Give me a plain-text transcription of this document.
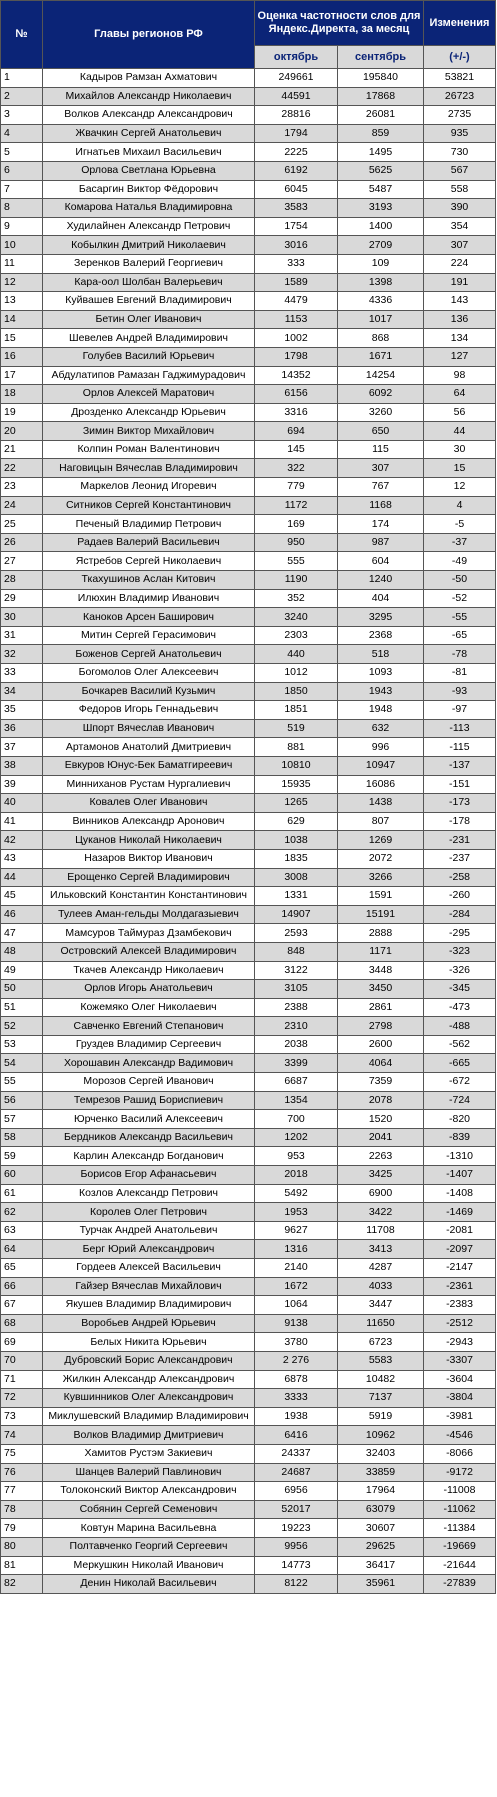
№	Главы регионов РФ	Оценка частотности слов для Яндекс.Директа, за месяц		Изменения
		октябрь	сентябрь	(+/-)
1	Кадыров Рамзан Ахматович	249661	195840	53821
2	Михайлов Александр Николаевич	44591	17868	26723
3	Волков Александр Александрович	28816	26081	2735
4	Жвачкин Сергей Анатольевич	1794	859	935
5	Игнатьев Михаил Васильевич	2225	1495	730
6	Орлова Светлана Юрьевна	6192	5625	567
7	Басаргин Виктор Фёдорович	6045	5487	558
8	Комарова Наталья Владимировна	3583	3193	390
9	Худилайнен Александр Петрович	1754	1400	354
10	Кобылкин Дмитрий Николаевич	3016	2709	307
11	Зеренков Валерий Георгиевич	333	109	224
12	Кара-оол Шолбан Валерьевич	1589	1398	191
13	Куйвашев Евгений Владимирович	4479	4336	143
14	Бетин Олег Иванович	1153	1017	136
15	Шевелев Андрей Владимирович	1002	868	134
16	Голубев Василий Юрьевич	1798	1671	127
17	Абдулатипов Рамазан Гаджимурадович	14352	14254	98
18	Орлов Алексей Маратович	6156	6092	64
19	Дрозденко Александр Юрьевич	3316	3260	56
20	Зимин Виктор Михайлович	694	650	44
21	Колпин Роман Валентинович	145	115	30
22	Наговицын Вячеслав Владимирович	322	307	15
23	Маркелов Леонид Игоревич	779	767	12
24	Ситников Сергей Константинович	1172	1168	4
25	Печеный Владимир Петрович	169	174	-5
26	Радаев Валерий Васильевич	950	987	-37
27	Ястребов Сергей Николаевич	555	604	-49
28	Ткахушинов Аслан Китович	1190	1240	-50
29	Илюхин Владимир Иванович	352	404	-52
30	Каноков Арсен Баширович	3240	3295	-55
31	Митин Сергей Герасимович	2303	2368	-65
32	Боженов Сергей Анатольевич	440	518	-78
33	Богомолов Олег Алексеевич	1012	1093	-81
34	Бочкарев Василий Кузьмич	1850	1943	-93
35	Федоров Игорь Геннадьевич	1851	1948	-97
36	Шпорт Вячеслав Иванович	519	632	-113
37	Артамонов Анатолий Дмитриевич	881	996	-115
38	Евкуров Юнус-Бек Баматгиреевич	10810	10947	-137
39	Минниханов Рустам Нургалиевич	15935	16086	-151
40	Ковалев Олег Иванович	1265	1438	-173
41	Винников Александр Аронович	629	807	-178
42	Цуканов Николай Николаевич	1038	1269	-231
43	Назаров Виктор Иванович	1835	2072	-237
44	Ерощенко Сергей Владимирович	3008	3266	-258
45	Ильковский Константин Константинович	1331	1591	-260
46	Тулеев Аман-гельды Молдагазыевич	14907	15191	-284
47	Мамсуров Таймураз Дзамбекович	2593	2888	-295
48	Островский Алексей Владимирович	848	1171	-323
49	Ткачев Александр Николаевич	3122	3448	-326
50	Орлов Игорь Анатольевич	3105	3450	-345
51	Кожемяко Олег Николаевич	2388	2861	-473
52	Савченко Евгений Степанович	2310	2798	-488
53	Груздев Владимир Сергеевич	2038	2600	-562
54	Хорошавин Александр Вадимович	3399	4064	-665
55	Морозов Сергей Иванович	6687	7359	-672
56	Темрезов Рашид Бориспиевич	1354	2078	-724
57	Юрченко Василий Алексеевич	700	1520	-820
58	Бердников Александр Васильевич	1202	2041	-839
59	Карлин Александр Богданович	953	2263	-1310
60	Борисов Егор Афанасьевич	2018	3425	-1407
61	Козлов Александр Петрович	5492	6900	-1408
62	Королев Олег Петрович	1953	3422	-1469
63	Турчак Андрей Анатольевич	9627	11708	-2081
64	Берг Юрий Александрович	1316	3413	-2097
65	Гордеев Алексей Васильевич	2140	4287	-2147
66	Гайзер Вячеслав Михайлович	1672	4033	-2361
67	Якушев Владимир Владимирович	1064	3447	-2383
68	Воробьев Андрей Юрьевич	9138	11650	-2512
69	Белых Никита Юрьевич	3780	6723	-2943
70	Дубровский Борис Александрович	2 276	5583	-3307
71	Жилкин Александр Александрович	6878	10482	-3604
72	Кувшинников Олег Александрович	3333	7137	-3804
73	Миклушевский Владимир Владимирович	1938	5919	-3981
74	Волков Владимир Дмитриевич	6416	10962	-4546
75	Хамитов Рустэм Закиевич	24337	32403	-8066
76	Шанцев Валерий Павлинович	24687	33859	-9172
77	Толоконский Виктор Александрович	6956	17964	-11008
78	Собянин Сергей Семенович	52017	63079	-11062
79	Ковтун Марина Васильевна	19223	30607	-11384
80	Полтавченко Георгий Сергеевич	9956	29625	-19669
81	Меркушкин Николай Иванович	14773	36417	-21644
82	Денин Николай Васильевич	8122	35961	-27839
